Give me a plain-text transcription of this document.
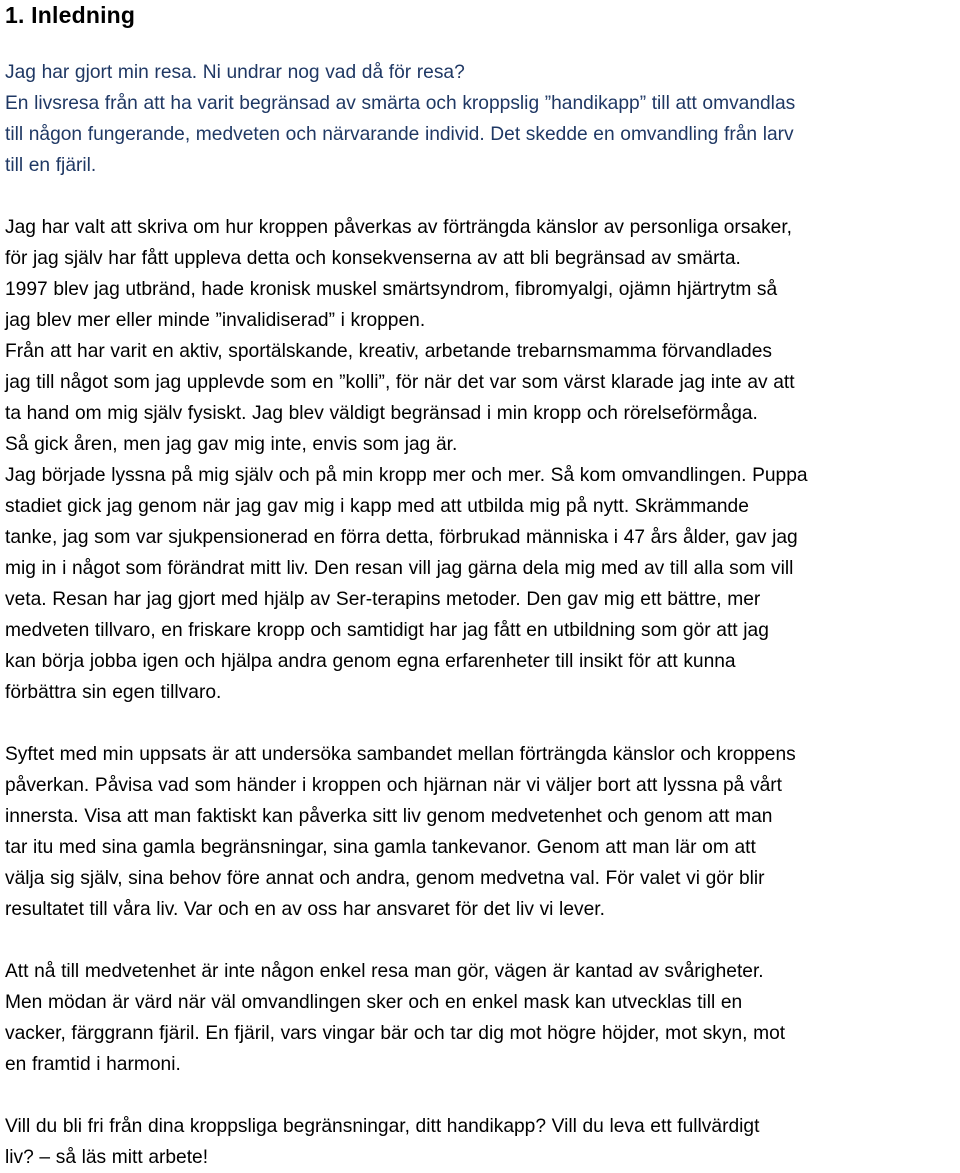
1. Inledning

Jag har gjort min resa. Ni undrar nog vad då för resa?
En livsresa från att ha varit begränsad av smärta och kroppslig ”handikapp” till att omvandlas
till någon fungerande, medveten och närvarande individ. Det skedde en omvandling från larv
till en fjäril.

Jag har valt att skriva om hur kroppen påverkas av förträngda känslor av personliga orsaker,
för jag själv har fått uppleva detta och konsekvenserna av att bli begränsad av smärta.

1997 blev jag utbränd, hade kronisk muskel smärtsyndrom, fibromyalgi, ojämn hjärtrytm så
jag blev mer eller minde ”invalidiserad” i kroppen.

Från att har varit en aktiv, sportälskande, kreativ, arbetande trebarnsmamma förvandlades
jag till något som jag upplevde som en ”kolli”, för när det var som värst klarade jag inte av att
ta hand om mig själv fysiskt. Jag blev väldigt begränsad i min kropp och rörelseförmåga.

Så gick åren, men jag gav mig inte, envis som jag är.

Jag började lyssna på mig själv och på min kropp mer och mer. Så kom omvandlingen. Puppa
stadiet gick jag genom när jag gav mig i kapp med att utbilda mig på nytt. Skrämmande
tanke, jag som var sjukpensionerad en förra detta, förbrukad människa i 47 års ålder, gav jag
mig in i något som förändrat mitt liv. Den resan vill jag gärna dela mig med av till alla som vill
veta. Resan har jag gjort med hjälp av Ser-terapins metoder. Den gav mig ett bättre, mer
medveten tillvaro, en friskare kropp och samtidigt har jag fått en utbildning som gör att jag
kan börja jobba igen och hjälpa andra genom egna erfarenheter till insikt för att kunna
förbättra sin egen tillvaro.

Syftet med min uppsats är att undersöka sambandet mellan förträngda känslor och kroppens
påverkan. Påvisa vad som händer i kroppen och hjärnan när vi väljer bort att lyssna på vårt
innersta. Visa att man faktiskt kan påverka sitt liv genom medvetenhet och genom att man
tar itu med sina gamla begränsningar, sina gamla tankevanor. Genom att man lär om att
välja sig själv, sina behov före annat och andra, genom medvetna val. För valet vi gör blir
resultatet till våra liv. Var och en av oss har ansvaret för det liv vi lever.

Att nå till medvetenhet är inte någon enkel resa man gör, vägen är kantad av svårigheter.
Men mödan är värd när väl omvandlingen sker och en enkel mask kan utvecklas till en
vacker, färggrann fjäril. En fjäril, vars vingar bär och tar dig mot högre höjder, mot skyn, mot
en framtid i harmoni.

Vill du bli fri från dina kroppsliga begränsningar, ditt handikapp? Vill du leva ett fullvärdigt
liv? – så läs mitt arbete!
